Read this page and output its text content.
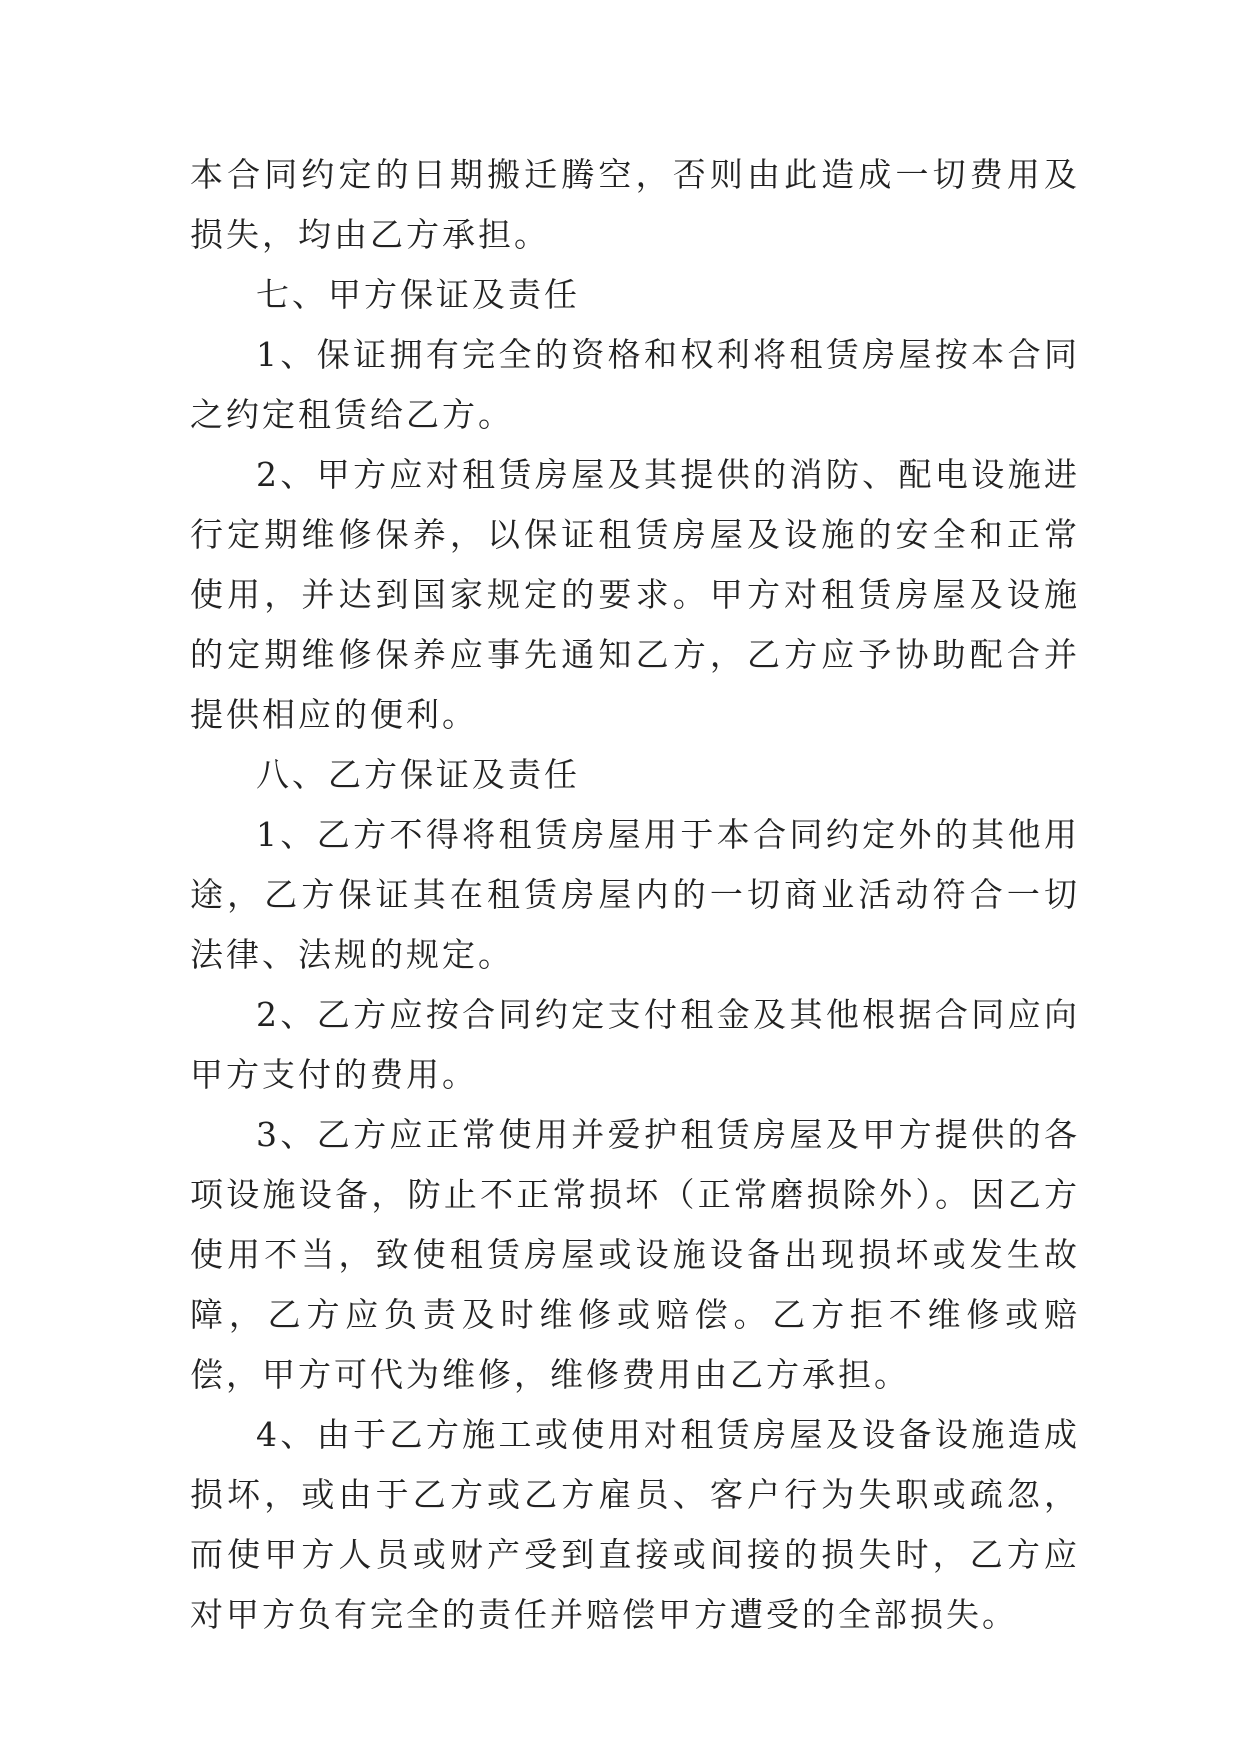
本合同约定的日期搬迁腾空，否则由此造成一切费用及损失，均由乙方承担。

七、甲方保证及责任

1、保证拥有完全的资格和权利将租赁房屋按本合同之约定租赁给乙方。

2、甲方应对租赁房屋及其提供的消防、配电设施进行定期维修保养，以保证租赁房屋及设施的安全和正常使用，并达到国家规定的要求。甲方对租赁房屋及设施的定期维修保养应事先通知乙方，乙方应予协助配合并提供相应的便利。

八、乙方保证及责任

1、乙方不得将租赁房屋用于本合同约定外的其他用途，乙方保证其在租赁房屋内的一切商业活动符合一切法律、法规的规定。

2、乙方应按合同约定支付租金及其他根据合同应向甲方支付的费用。

3、乙方应正常使用并爱护租赁房屋及甲方提供的各项设施设备，防止不正常损坏（正常磨损除外）。因乙方使用不当，致使租赁房屋或设施设备出现损坏或发生故障，乙方应负责及时维修或赔偿。乙方拒不维修或赔偿，甲方可代为维修，维修费用由乙方承担。

4、由于乙方施工或使用对租赁房屋及设备设施造成损坏，或由于乙方或乙方雇员、客户行为失职或疏忽，而使甲方人员或财产受到直接或间接的损失时，乙方应对甲方负有完全的责任并赔偿甲方遭受的全部损失。
